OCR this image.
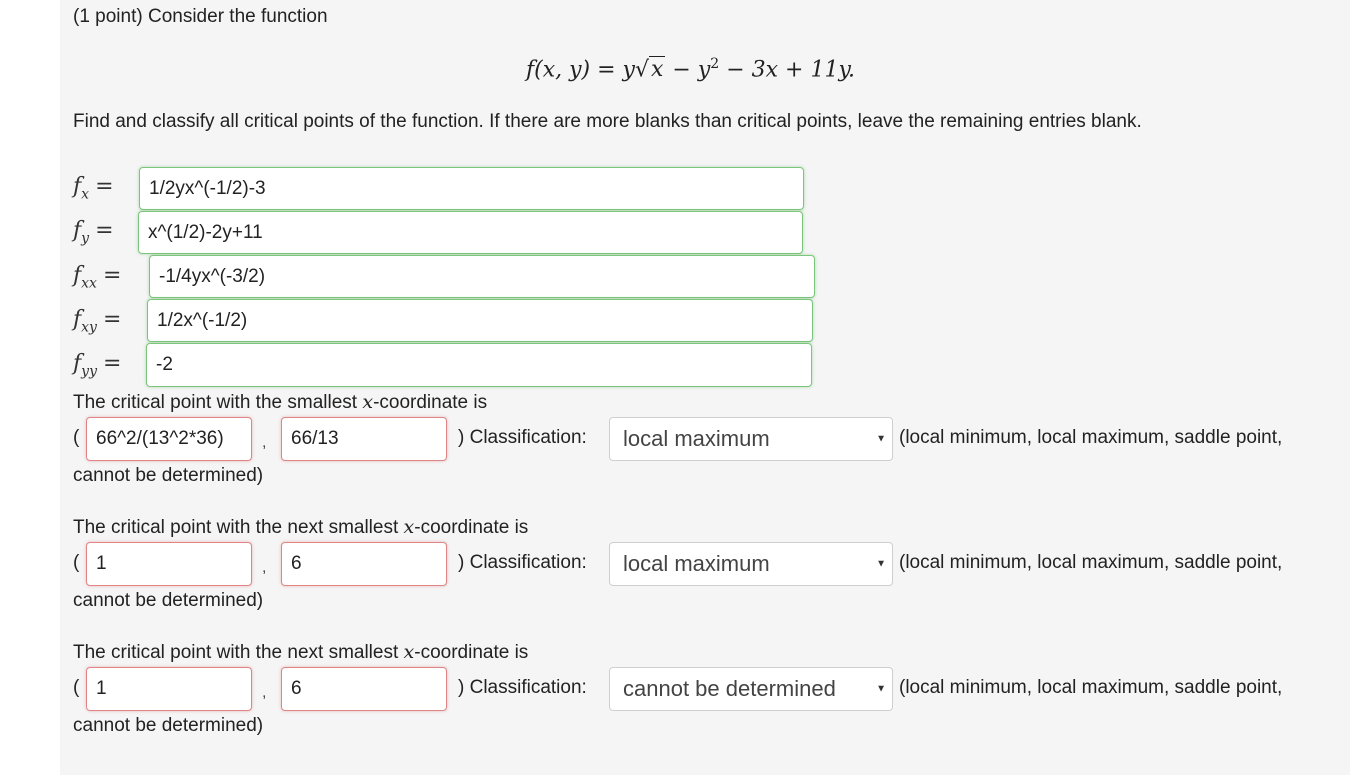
(1 point) Consider the function
f(x, $y) = y√x - y^2 - 3x + 11y$.
Find and classify all critical points of the function. If there are more blanks than critical points, leave the remaining entries blank.
$f_x$ =	1/2yx^(-1/2)-3
$f_y$ =	x^(1/2)-2y+11
$f_{xx}$ =	-1/4yx^(-3/2)
$f_{xy}$ =	1/2x^(-1/2)
$f_{yy}$ =	-2
The critical point with the smallest x-coordinate is
( 66^2/(13^2*36)	,	66/13	) Classification: local maximum	▼ (local minimum, local maximum, saddle point,
cannot be determined)
The critical point with the next smallest x-coordinate is
( 1	,	6	) Classification: local maximum	▼ (local minimum, local maximum, saddle point,
cannot be determined)
The critical point with the next smallest x-coordinate is
( 1	,	6	) Classification: cannot be determined	▼ (local minimum, local maximum, saddle point,
cannot be determined)
